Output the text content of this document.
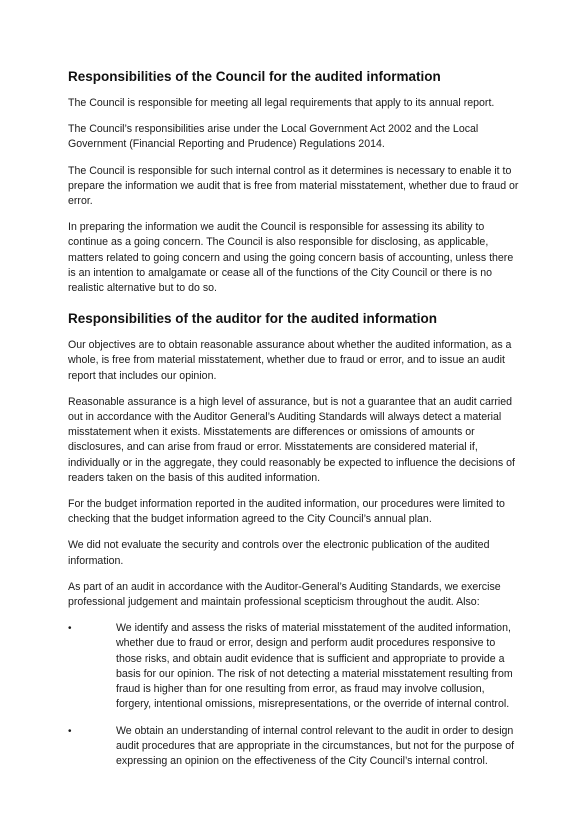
Responsibilities of the Council for the audited information

The Council is responsible for meeting all legal requirements that apply to its annual report.

The Council’s responsibilities arise under the Local Government Act 2002 and the Local Government (Financial Reporting and Prudence) Regulations 2014.

The Council is responsible for such internal control as it determines is necessary to enable it to prepare the information we audit that is free from material misstatement, whether due to fraud or error.

In preparing the information we audit the Council is responsible for assessing its ability to continue as a going concern. The Council is also responsible for disclosing, as applicable, matters related to going concern and using the going concern basis of accounting, unless there is an intention to amalgamate or cease all of the functions of the City Council or there is no realistic alternative but to do so.

Responsibilities of the auditor for the audited information

Our objectives are to obtain reasonable assurance about whether the audited information, as a whole, is free from material misstatement, whether due to fraud or error, and to issue an audit report that includes our opinion.

Reasonable assurance is a high level of assurance, but is not a guarantee that an audit carried out in accordance with the Auditor General’s Auditing Standards will always detect a material misstatement when it exists. Misstatements are differences or omissions of amounts or disclosures, and can arise from fraud or error. Misstatements are considered material if, individually or in the aggregate, they could reasonably be expected to influence the decisions of readers taken on the basis of this audited information.

For the budget information reported in the audited information, our procedures were limited to checking that the budget information agreed to the City Council’s annual plan.

We did not evaluate the security and controls over the electronic publication of the audited information.

As part of an audit in accordance with the Auditor-General’s Auditing Standards, we exercise professional judgement and maintain professional scepticism throughout the audit. Also:

•	We identify and assess the risks of material misstatement of the audited information, whether due to fraud or error, design and perform audit procedures responsive to those risks, and obtain audit evidence that is sufficient and appropriate to provide a basis for our opinion. The risk of not detecting a material misstatement resulting from fraud is higher than for one resulting from error, as fraud may involve collusion, forgery, intentional omissions, misrepresentations, or the override of internal control.
•	We obtain an understanding of internal control relevant to the audit in order to design audit procedures that are appropriate in the circumstances, but not for the purpose of expressing an opinion on the effectiveness of the City Council’s internal control.
